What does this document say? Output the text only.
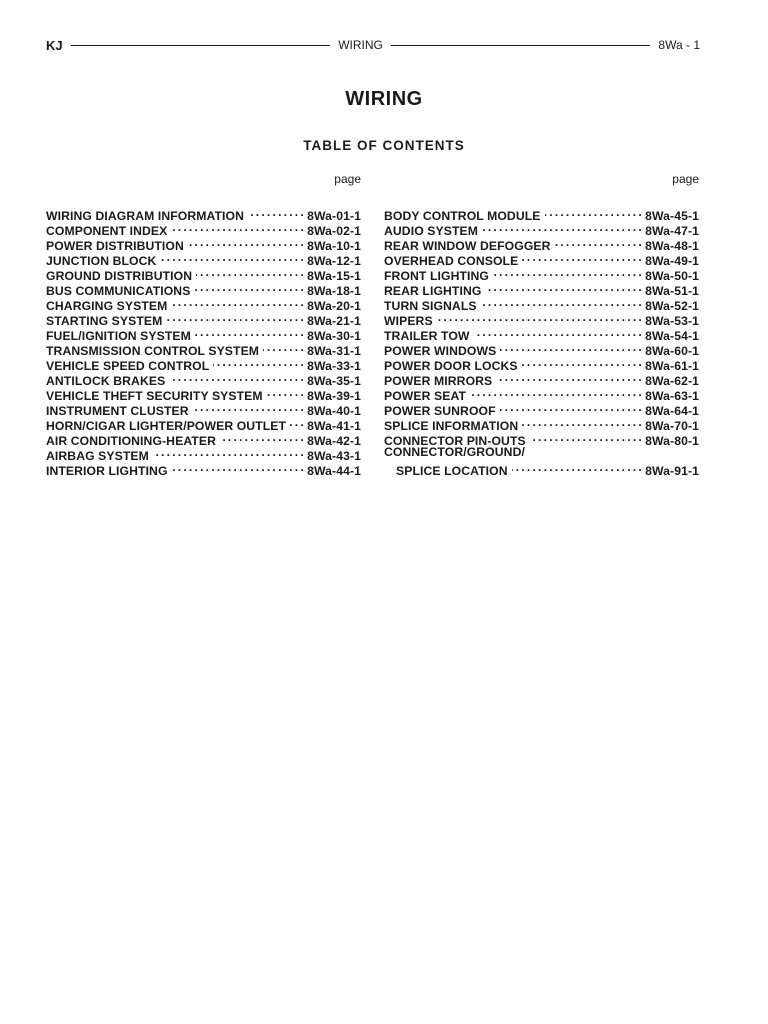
KJ	WIRING	8Wa - 1
WIRING
TABLE OF CONTENTS
page
WIRING DIAGRAM INFORMATION . . .	8Wa-01-1
COMPONENT INDEX . . .	8Wa-02-1
POWER DISTRIBUTION . . .	8Wa-10-1
JUNCTION BLOCK . . .	8Wa-12-1
GROUND DISTRIBUTION . . .	8Wa-15-1
BUS COMMUNICATIONS . . .	8Wa-18-1
CHARGING SYSTEM . . .	8Wa-20-1
STARTING SYSTEM . . .	8Wa-21-1
FUEL/IGNITION SYSTEM . . .	8Wa-30-1
TRANSMISSION CONTROL SYSTEM . . .	8Wa-31-1
VEHICLE SPEED CONTROL . . .	8Wa-33-1
ANTILOCK BRAKES . . .	8Wa-35-1
VEHICLE THEFT SECURITY SYSTEM . . .	8Wa-39-1
INSTRUMENT CLUSTER . . .	8Wa-40-1
HORN/CIGAR LIGHTER/POWER OUTLET . . . 8Wa-41-1
AIR CONDITIONING-HEATER . . .	8Wa-42-1
AIRBAG SYSTEM . . .	8Wa-43-1
INTERIOR LIGHTING . . .	8Wa-44-1
page
BODY CONTROL MODULE . . .	8Wa-45-1
AUDIO SYSTEM . . .	8Wa-47-1
REAR WINDOW DEFOGGER . . .	8Wa-48-1
OVERHEAD CONSOLE . . .	8Wa-49-1
FRONT LIGHTING . . .	8Wa-50-1
REAR LIGHTING . . .	8Wa-51-1
TURN SIGNALS . . .	8Wa-52-1
WIPERS . . .	8Wa-53-1
TRAILER TOW . . .	8Wa-54-1
POWER WINDOWS . . .	8Wa-60-1
POWER DOOR LOCKS . . .	8Wa-61-1
POWER MIRRORS . . .	8Wa-62-1
POWER SEAT . . .	8Wa-63-1
POWER SUNROOF . . .	8Wa-64-1
SPLICE INFORMATION . . .	8Wa-70-1
CONNECTOR PIN-OUTS . . .	8Wa-80-1
CONNECTOR/GROUND/
SPLICE LOCATION . . .	8Wa-91-1
